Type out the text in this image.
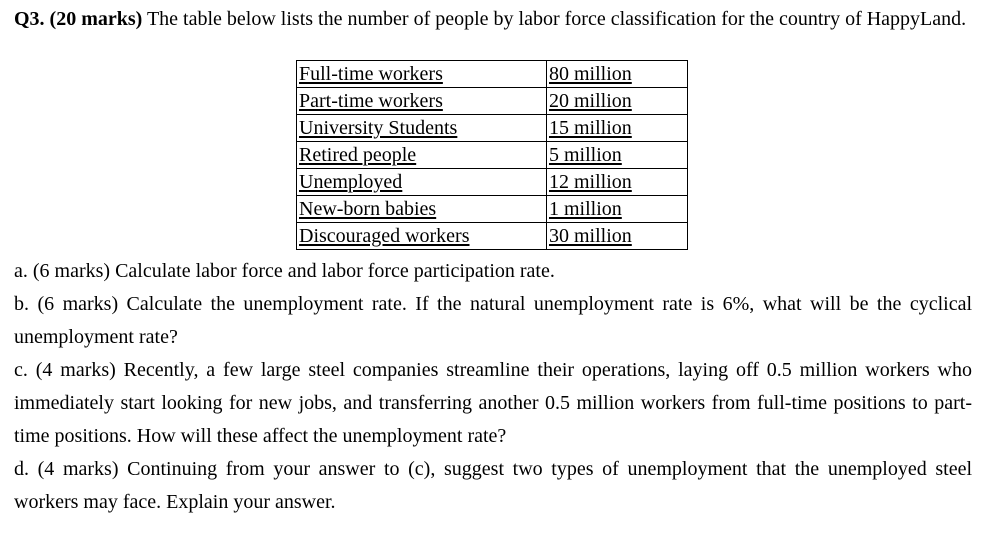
Q3. (20 marks) The table below lists the number of people by labor force classification for the country of HappyLand.
Full-time workers	80 million
Part-time workers	20 million
University Students	15 million
Retired people	5 million
Unemployed	12 million
New-born babies	1 million
Discouraged workers	30 million

a. (6 marks) Calculate labor force and labor force participation rate.

b. (6 marks) Calculate the unemployment rate. If the natural unemployment rate is 6%, what will be the cyclical unemployment rate?

c. (4 marks) Recently, a few large steel companies streamline their operations, laying off 0.5 million workers who immediately start looking for new jobs, and transferring another 0.5 million workers from full-time positions to part-time positions. How will these affect the unemployment rate?

d. (4 marks) Continuing from your answer to (c), suggest two types of unemployment that the unemployed steel workers may face. Explain your answer.
